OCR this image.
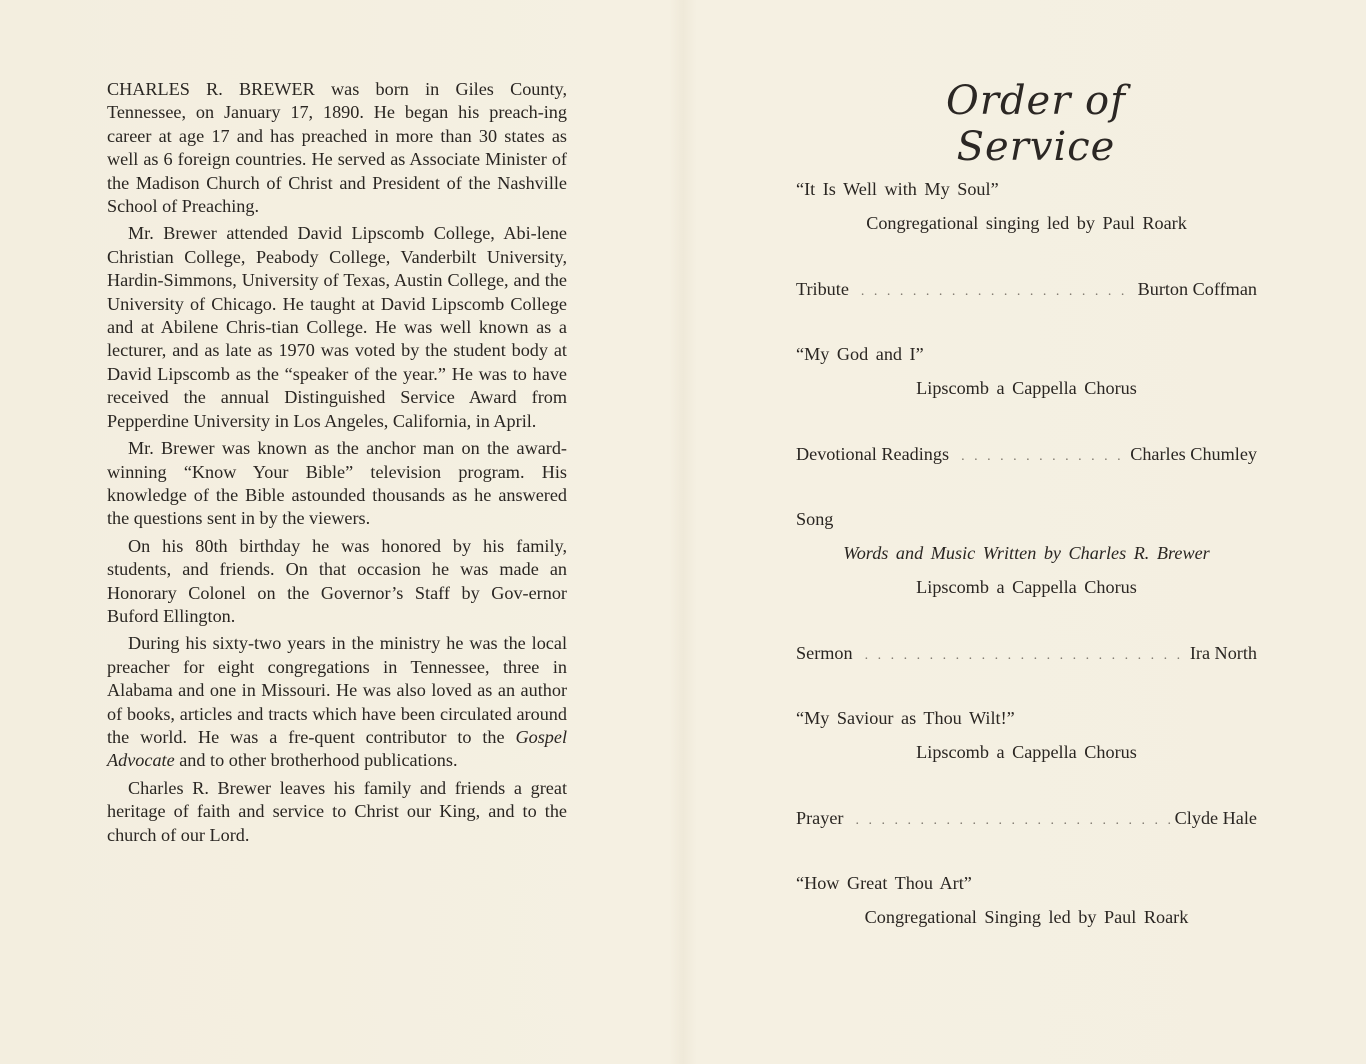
CHARLES R. BREWER was born in Giles County, Tennessee, on January 17, 1890. He began his preach-ing career at age 17 and has preached in more than 30 states as well as 6 foreign countries. He served as Associate Minister of the Madison Church of Christ and President of the Nashville School of Preaching.

Mr. Brewer attended David Lipscomb College, Abi-lene Christian College, Peabody College, Vanderbilt University, Hardin-Simmons, University of Texas, Austin College, and the University of Chicago. He taught at David Lipscomb College and at Abilene Chris-tian College. He was well known as a lecturer, and as late as 1970 was voted by the student body at David Lipscomb as the “speaker of the year.” He was to have received the annual Distinguished Service Award from Pepperdine University in Los Angeles, California, in April.

Mr. Brewer was known as the anchor man on the award-winning “Know Your Bible” television program. His knowledge of the Bible astounded thousands as he answered the questions sent in by the viewers.

On his 80th birthday he was honored by his family, students, and friends. On that occasion he was made an Honorary Colonel on the Governor’s Staff by Gov-ernor Buford Ellington.

During his sixty-two years in the ministry he was the local preacher for eight congregations in Tennessee, three in Alabama and one in Missouri. He was also loved as an author of books, articles and tracts which have been circulated around the world. He was a fre-quent contributor to the Gospel Advocate and to other brotherhood publications.

Charles R. Brewer leaves his family and friends a great heritage of faith and service to Christ our King, and to the church of our Lord.

Order of Service
“It Is Well with My Soul”
Congregational singing led by Paul Roark
Tribute . . .	Burton Coffman
“My God and I”
Lipscomb a Cappella Chorus
Devotional Readings . . .	Charles Chumley
Song
Words and Music Written by Charles R. Brewer
Lipscomb a Cappella Chorus
Sermon . . .	Ira North
“My Saviour as Thou Wilt!”
Lipscomb a Cappella Chorus
Prayer . . .	Clyde Hale
“How Great Thou Art”
Congregational Singing led by Paul Roark
